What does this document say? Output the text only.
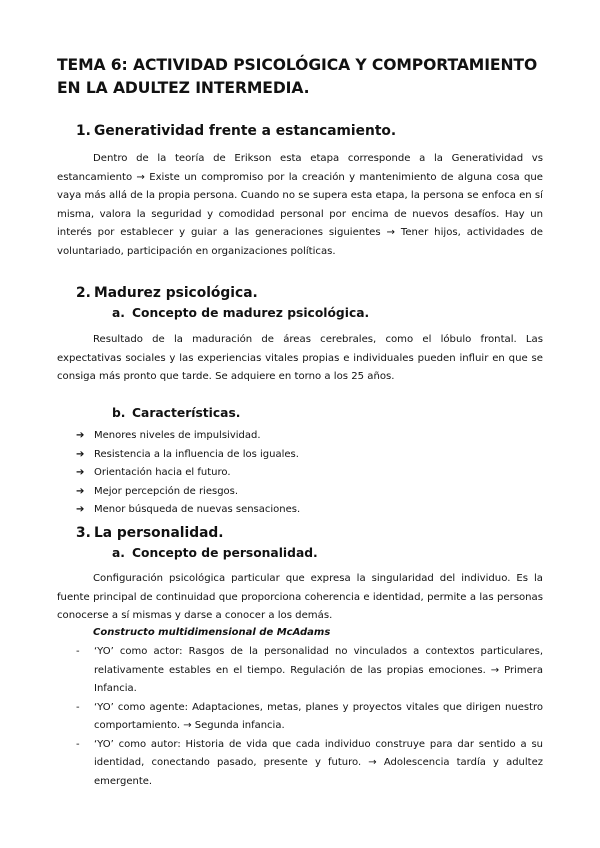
TEMA 6: ACTIVIDAD PSICOLÓGICA Y COMPORTAMIENTO EN LA ADULTEZ INTERMEDIA.
1. Generatividad frente a estancamiento.

Dentro de la teoría de Erikson esta etapa corresponde a la Generatividad vs estancamiento → Existe un compromiso por la creación y mantenimiento de alguna cosa que vaya más allá de la propia persona. Cuando no se supera esta etapa, la persona se enfoca en sí misma, valora la seguridad y comodidad personal por encima de nuevos desafíos. Hay un interés por establecer y guiar a las generaciones siguientes → Tener hijos, actividades de voluntariado, participación en organizaciones políticas.

2. Madurez psicológica.
a. Concepto de madurez psicológica.

Resultado de la maduración de áreas cerebrales, como el lóbulo frontal. Las expectativas sociales y las experiencias vitales propias e individuales pueden influir en que se consiga más pronto que tarde. Se adquiere en torno a los 25 años.

b. Características.
➔ Menores niveles de impulsividad.
➔ Resistencia a la influencia de los iguales.
➔ Orientación hacia el futuro.
➔ Mejor percepción de riesgos.
➔ Menor búsqueda de nuevas sensaciones.
3. La personalidad.
a. Concepto de personalidad.

Configuración psicológica particular que expresa la singularidad del individuo. Es la fuente principal de continuidad que proporciona coherencia e identidad, permite a las personas conocerse a sí mismas y darse a conocer a los demás.

Constructo multidimensional de McAdams
- ‘YO’ como actor: Rasgos de la personalidad no vinculados a contextos particulares, relativamente estables en el tiempo. Regulación de las propias emociones. → Primera Infancia.
- ‘YO’ como agente: Adaptaciones, metas, planes y proyectos vitales que dirigen nuestro comportamiento. → Segunda infancia.
- ‘YO’ como autor: Historia de vida que cada individuo construye para dar sentido a su identidad, conectando pasado, presente y futuro. → Adolescencia tardía y adultez emergente.
